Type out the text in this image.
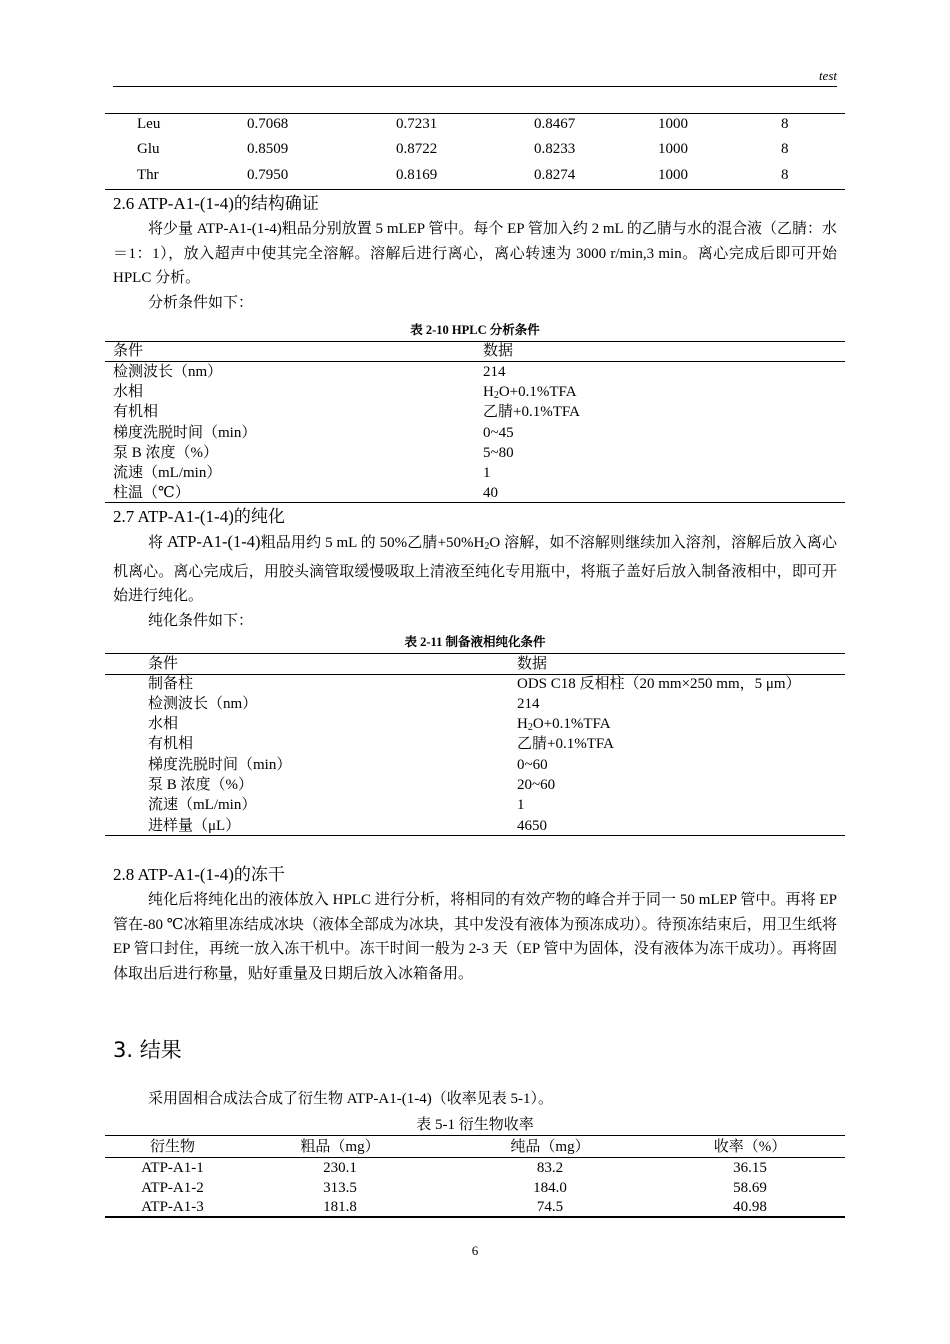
test
Leu	0.7068	0.7231	0.8467	1000	8
Glu	0.8509	0.8722	0.8233	1000	8
Thr	0.7950	0.8169	0.8274	1000	8
2.6 ATP-A1-(1-4)的结构确证

将少量 ATP-A1-(1-4)粗品分别放置 5 mLEP 管中。每个 EP 管加入约 2 mL 的乙腈与水的混合液（乙腈：水＝1：1），放入超声中使其完全溶解。溶解后进行离心，离心转速为 3000 r/min,3 min。离心完成后即可开始 HPLC 分析。

分析条件如下：

表 2-10 HPLC 分析条件
条件	数据
检测波长（nm）	214
水相	$H_2O+0.1\%TFA$
有机相	乙腈+0.1%TFA
梯度洗脱时间（min）	0~45
泵 B 浓度（%）	5~80
流速（mL/min）	1
柱温（℃）	40
2.7 ATP-A1-(1-4)的纯化

将 ATP-A1-(1-4)粗品用约 5 mL 的 50%乙腈$+50\%H_2O$ 溶解，如不溶解则继续加入溶剂，溶解后放入离心机离心。离心完成后，用胶头滴管取缓慢吸取上清液至纯化专用瓶中，将瓶子盖好后放入制备液相中，即可开始进行纯化。

纯化条件如下：

表 2-11 制备液相纯化条件
条件	数据
制备柱	ODS C18 反相柱（20 mm×250 mm，5 μm）
检测波长（nm）	214
水相	$H_2O+0.1\%TFA$
有机相	乙腈+0.1%TFA
梯度洗脱时间（min）	0~60
泵 B 浓度（%）	20~60
流速（mL/min）	1
进样量（μL）	4650
2.8 ATP-A1-(1-4)的冻干

纯化后将纯化出的液体放入 HPLC 进行分析，将相同的有效产物的峰合并于同一 50 mLEP 管中。再将 EP 管在-80 ℃冰箱里冻结成冰块（液体全部成为冰块，其中发没有液体为预冻成功）。待预冻结束后，用卫生纸将 EP 管口封住，再统一放入冻干机中。冻干时间一般为 2-3 天（EP 管中为固体，没有液体为冻干成功）。再将固体取出后进行称量，贴好重量及日期后放入冰箱备用。

3. 结果

采用固相合成法合成了衍生物 ATP-A1-(1-4)（收率见表 5-1）。

表 5-1 衍生物收率
衍生物	粗品（mg）	纯品（mg）	收率（%）
ATP-A1-1	230.1	83.2	36.15
ATP-A1-2	313.5	184.0	58.69
ATP-A1-3	181.8	74.5	40.98
6
